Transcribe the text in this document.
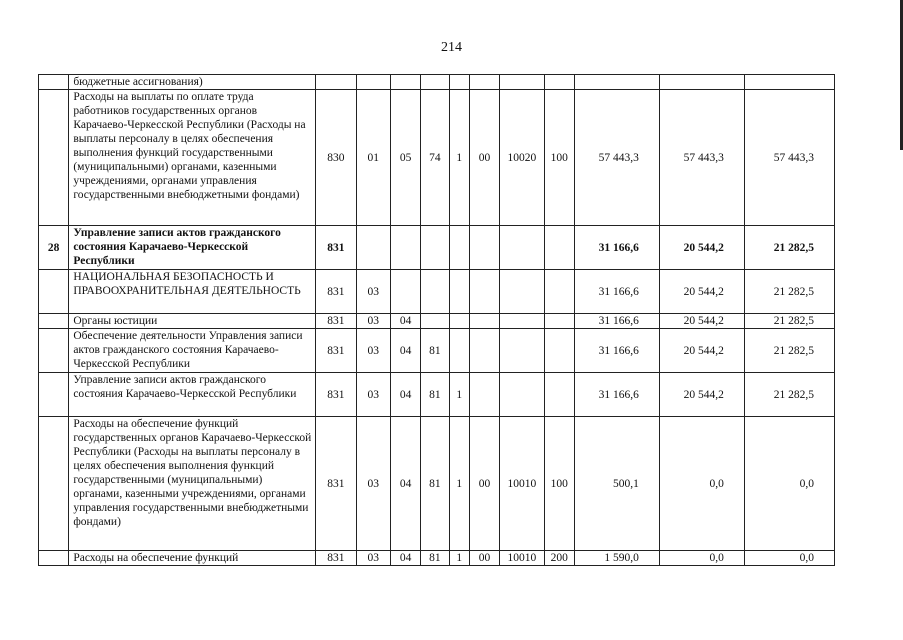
214
	бюджетные ассигнования)											
	Расходы на выплаты по оплате труда работников государственных органов Карачаево-Черкесской Республики (Расходы на выплаты персоналу в целях обеспечения выполнения функций государственными (муниципальными) органами, казенными учреждениями, органами управления государственными внебюджетными фондами)	830	01	05	74	1	00	10020	100	57 443,3	57 443,3	57 443,3
28	Управление записи актов гражданского состояния Карачаево-Черкесской Республики	831								31 166,6	20 544,2	21 282,5
	НАЦИОНАЛЬНАЯ БЕЗОПАСНОСТЬ И ПРАВООХРАНИТЕЛЬНАЯ ДЕЯТЕЛЬНОСТЬ	831	03							31 166,6	20 544,2	21 282,5
	Органы юстиции	831	03	04						31 166,6	20 544,2	21 282,5
	Обеспечение деятельности Управления записи актов гражданского состояния Карачаево-Черкесской Республики	831	03	04	81					31 166,6	20 544,2	21 282,5
	Управление записи актов гражданского состояния Карачаево-Черкесской Республики	831	03	04	81	1				31 166,6	20 544,2	21 282,5
	Расходы на обеспечение функций государственных органов Карачаево-Черкесской Республики (Расходы на выплаты персоналу в целях обеспечения выполнения функций государственными (муниципальными) органами, казенными учреждениями, органами управления государственными внебюджетными фондами)	831	03	04	81	1	00	10010	100	500,1	0,0	0,0
	Расходы на обеспечение функций	831	03	04	81	1	00	10010	200	1 590,0	0,0	0,0
